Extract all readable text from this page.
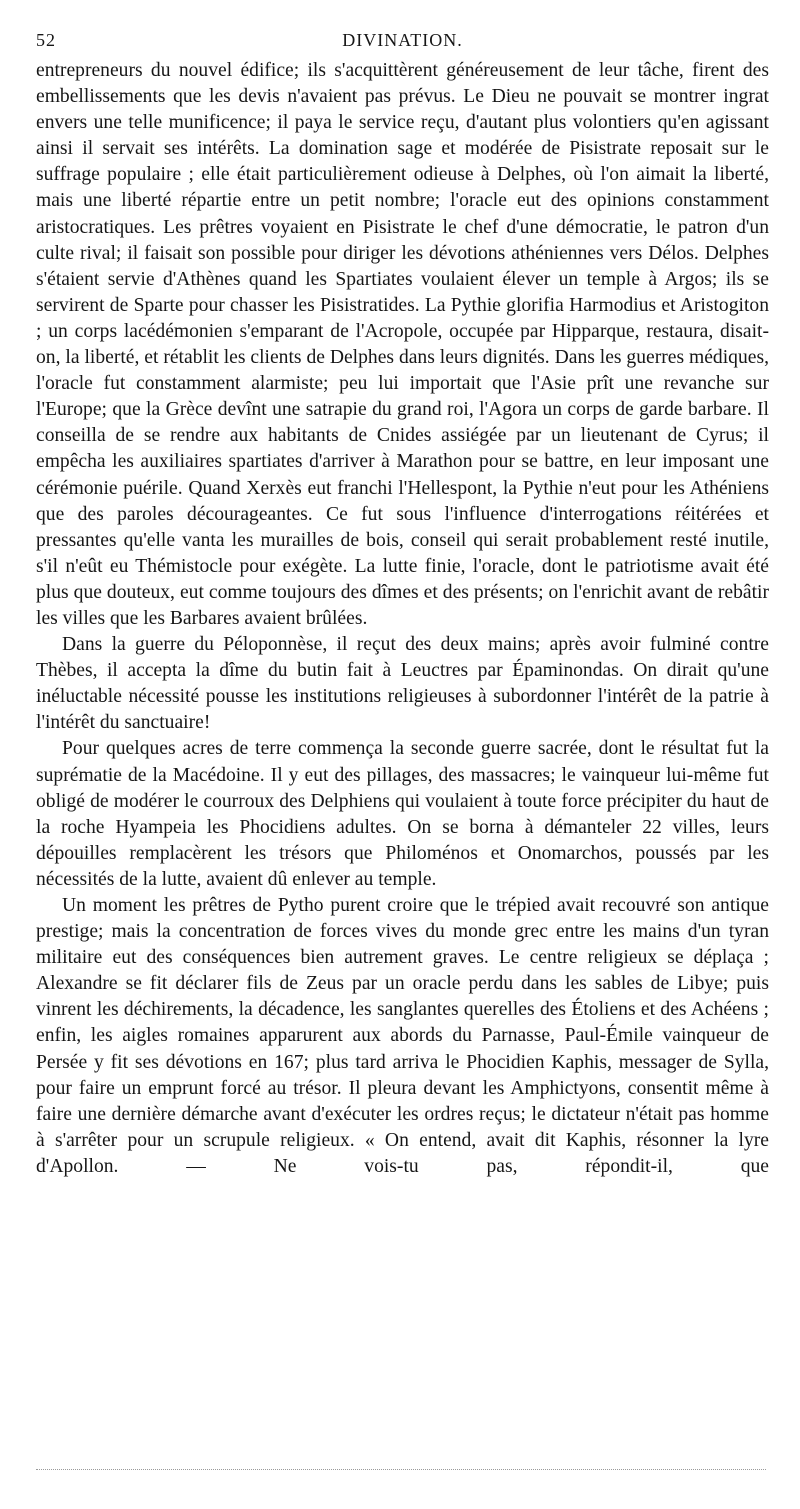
52	DIVINATION.

entrepreneurs du nouvel édifice; ils s'acquittèrent généreusement de leur tâche, firent des embellissements que les devis n'avaient pas prévus. Le Dieu ne pouvait se montrer ingrat envers une telle munificence; il paya le service reçu, d'autant plus volontiers qu'en agissant ainsi il servait ses intérêts. La domination sage et modérée de Pisistrate reposait sur le suffrage populaire ; elle était particulièrement odieuse à Delphes, où l'on aimait la liberté, mais une liberté répartie entre un petit nombre; l'oracle eut des opinions constamment aristocratiques. Les prêtres voyaient en Pisistrate le chef d'une démocratie, le patron d'un culte rival; il faisait son possible pour diriger les dévotions athéniennes vers Délos. Delphes s'étaient servie d'Athènes quand les Spartiates voulaient élever un temple à Argos; ils se servirent de Sparte pour chasser les Pisistratides. La Pythie glorifia Harmodius et Aristogiton ; un corps lacédémonien s'emparant de l'Acropole, occupée par Hipparque, restaura, disait-on, la liberté, et rétablit les clients de Delphes dans leurs dignités. Dans les guerres médiques, l'oracle fut constamment alarmiste; peu lui importait que l'Asie prît une revanche sur l'Europe; que la Grèce devînt une satrapie du grand roi, l'Agora un corps de garde barbare. Il conseilla de se rendre aux habitants de Cnides assiégée par un lieutenant de Cyrus; il empêcha les auxiliaires spartiates d'arriver à Marathon pour se battre, en leur imposant une cérémonie puérile. Quand Xerxès eut franchi l'Hellespont, la Pythie n'eut pour les Athéniens que des paroles décourageantes. Ce fut sous l'influence d'interrogations réitérées et pressantes qu'elle vanta les murailles de bois, conseil qui serait probablement resté inutile, s'il n'eût eu Thémistocle pour exégète. La lutte finie, l'oracle, dont le patriotisme avait été plus que douteux, eut comme toujours des dîmes et des présents; on l'enrichit avant de rebâtir les villes que les Barbares avaient brûlées.

Dans la guerre du Péloponnèse, il reçut des deux mains; après avoir fulminé contre Thèbes, il accepta la dîme du butin fait à Leuctres par Épaminondas. On dirait qu'une inéluctable nécessité pousse les institutions religieuses à subordonner l'intérêt de la patrie à l'intérêt du sanctuaire!

Pour quelques acres de terre commença la seconde guerre sacrée, dont le résultat fut la suprématie de la Macédoine. Il y eut des pillages, des massacres; le vainqueur lui-même fut obligé de modérer le courroux des Delphiens qui voulaient à toute force précipiter du haut de la roche Hyampeia les Phocidiens adultes. On se borna à démanteler 22 villes, leurs dépouilles remplacèrent les trésors que Philoménos et Onomarchos, poussés par les nécessités de la lutte, avaient dû enlever au temple.

Un moment les prêtres de Pytho purent croire que le trépied avait recouvré son antique prestige; mais la concentration de forces vives du monde grec entre les mains d'un tyran militaire eut des conséquences bien autrement graves. Le centre religieux se déplaça ; Alexandre se fit déclarer fils de Zeus par un oracle perdu dans les sables de Libye; puis vinrent les déchirements, la décadence, les sanglantes querelles des Étoliens et des Achéens ; enfin, les aigles romaines apparurent aux abords du Parnasse, Paul-Émile vainqueur de Persée y fit ses dévotions en 167; plus tard arriva le Phocidien Kaphis, messager de Sylla, pour faire un emprunt forcé au trésor. Il pleura devant les Amphictyons, consentit même à faire une dernière démarche avant d'exécuter les ordres reçus; le dictateur n'était pas homme à s'arrêter pour un scrupule religieux. « On entend, avait dit Kaphis, résonner la lyre d'Apollon. — Ne vois-tu pas, répondit-il, que
